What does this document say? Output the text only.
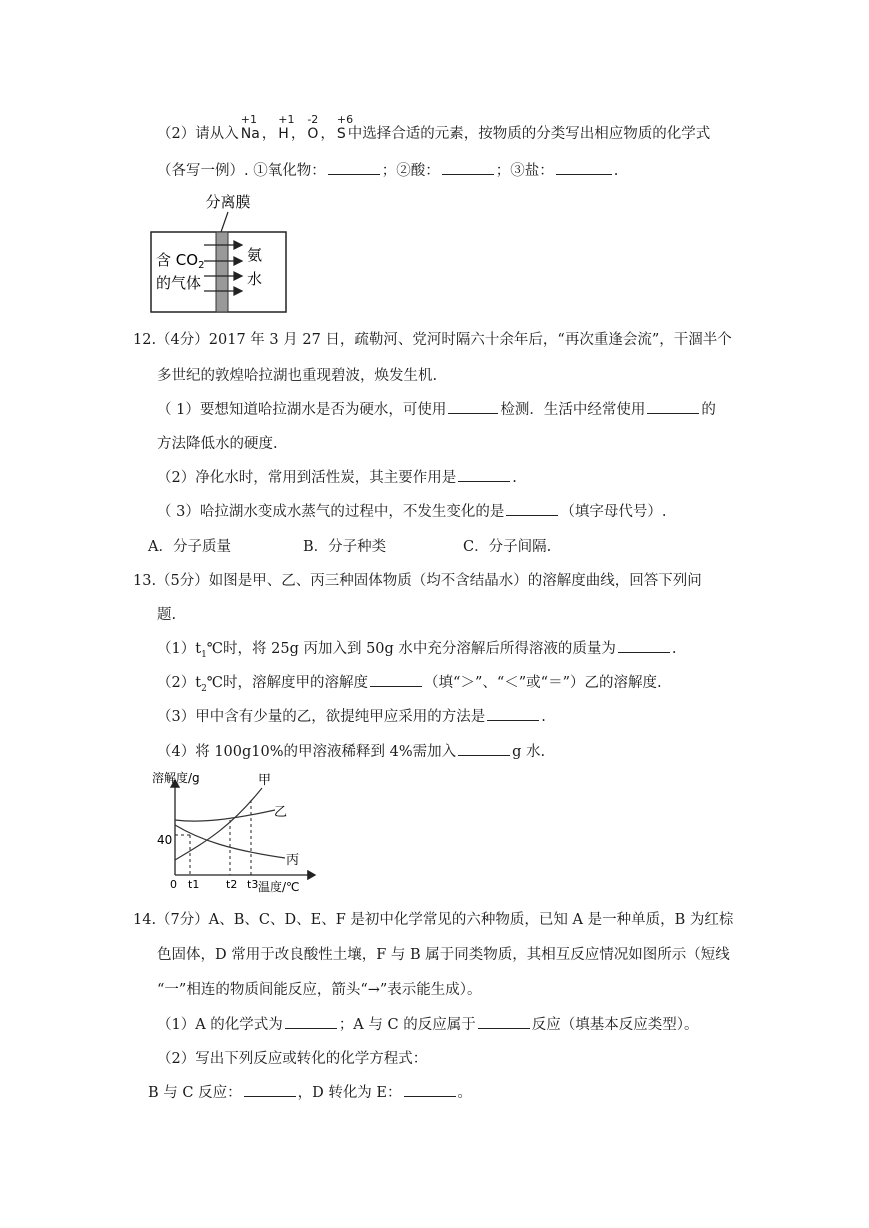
（2）请从入
+1
Na ，
+1
H ，
-2
O ，
+6
S 中选择合适的元素，按物质的分类写出相应物质的化学式
（各写一例）. ①氧化物：	；②酸：	；③盐：	.
分离膜
含 $CO_2$
的气体
氨
水
12.（4分）2017 年 3 月 27 日，疏勒河、党河时隔六十余年后，“再次重逢会流”，干涸半个
多世纪的敦煌哈拉湖也重现碧波，焕发生机.
（ 1）要想知道哈拉湖水是否为硬水，可使用	检测．生活中经常使用	的
方法降低水的硬度.
（2）净化水时，常用到活性炭，其主要作用是	.
（ 3）哈拉湖水变成水蒸气的过程中，不发生变化的是	（填字母代号）.
A．分子质量	B．分子种类	C．分子间隔.
13.（5分）如图是甲、乙、丙三种固体物质（均不含结晶水）的溶解度曲线，回答下列问
题.
$(1)t_1℃$时，将 25g 丙加入到 50g 水中充分溶解后所得溶液的质量为	.
$(2)t_2℃$时，溶解度甲的溶解度	（填“＞”、“＜”或“＝”）乙的溶解度.
（3）甲中含有少量的乙，欲提纯甲应采用的方法是	.
（4）将 100g10%的甲溶液稀释到 4%需加入	g 水.
溶解度/g
温度/℃
40
0 t1 t2 t3
甲
乙
丙
14.（7分）A、B、C、D、E、F 是初中化学常见的六种物质，已知 A 是一种单质，B 为红棕
色固体，D 常用于改良酸性土壤，F 与 B 属于同类物质，其相互反应情况如图所示（短线
“一”相连的物质间能反应，箭头“→”表示能生成）。
（1）A 的化学式为	；A 与 C 的反应属于	反应（填基本反应类型）。
（2）写出下列反应或转化的化学方程式：
B 与 C 反应：	，D 转化为 E：	。
